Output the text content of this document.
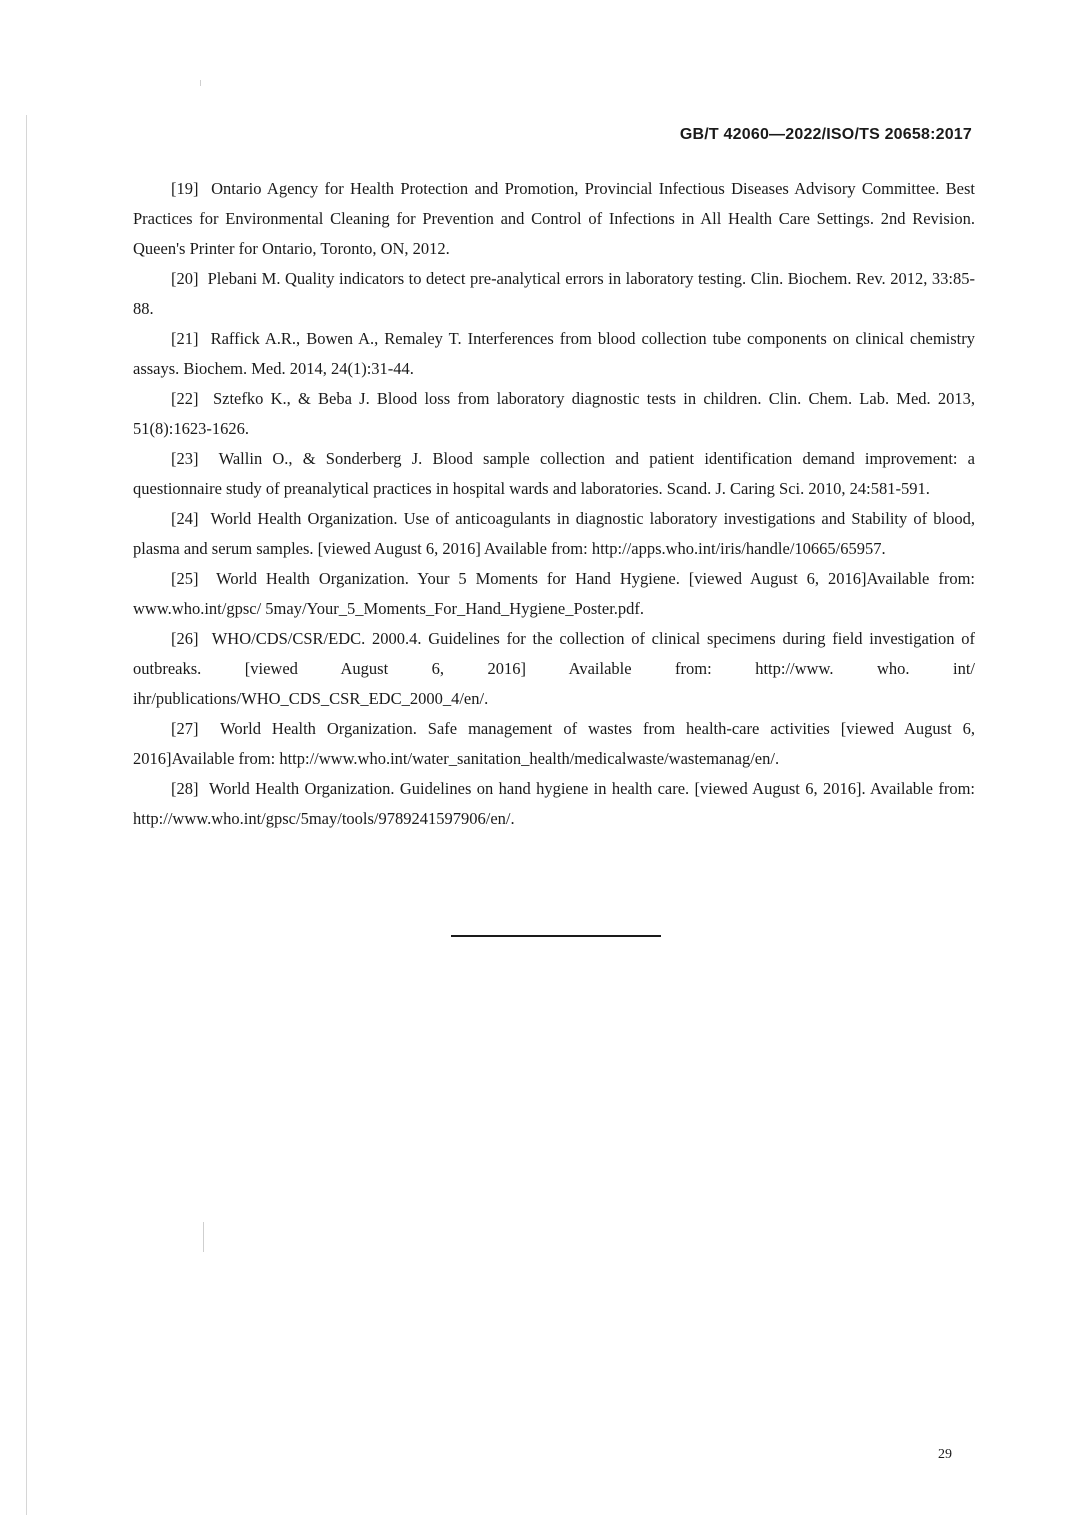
GB/T 42060—2022/ISO/TS 20658:2017

[19] Ontario Agency for Health Protection and Promotion, Provincial Infectious Diseases Advisory Committee. Best Practices for Environmental Cleaning for Prevention and Control of Infections in All Health Care Settings. 2nd Revision. Queen's Printer for Ontario, Toronto, ON, 2012.

[20] Plebani M. Quality indicators to detect pre-analytical errors in laboratory testing. Clin. Biochem. Rev. 2012, 33:85-88.

[21] Raffick A.R., Bowen A., Remaley T. Interferences from blood collection tube components on clinical chemistry assays. Biochem. Med. 2014, 24(1):31-44.

[22] Sztefko K., & Beba J. Blood loss from laboratory diagnostic tests in children. Clin. Chem. Lab. Med. 2013, 51(8):1623-1626.

[23] Wallin O., & Sonderberg J. Blood sample collection and patient identification demand improvement: a questionnaire study of preanalytical practices in hospital wards and laboratories. Scand. J. Caring Sci. 2010, 24:581-591.

[24] World Health Organization. Use of anticoagulants in diagnostic laboratory investigations and Stability of blood, plasma and serum samples. [viewed August 6, 2016] Available from: http://apps.who.int/iris/handle/10665/65957.

[25] World Health Organization. Your 5 Moments for Hand Hygiene. [viewed August 6, 2016]Available from: www.who.int/gpsc/ 5may/Your_5_Moments_For_Hand_Hygiene_Poster.pdf.

[26] WHO/CDS/CSR/EDC. 2000.4. Guidelines for the collection of clinical specimens during field investigation of outbreaks. [viewed August 6, 2016] Available from: http://www. who. int/ ihr/publications/WHO_CDS_CSR_EDC_2000_4/en/.

[27] World Health Organization. Safe management of wastes from health-care activities [viewed August 6, 2016]Available from: http://www.who.int/water_sanitation_health/medicalwaste/wastemanag/en/.

[28] World Health Organization. Guidelines on hand hygiene in health care. [viewed August 6, 2016]. Available from: http://www.who.int/gpsc/5may/tools/9789241597906/en/.

29
